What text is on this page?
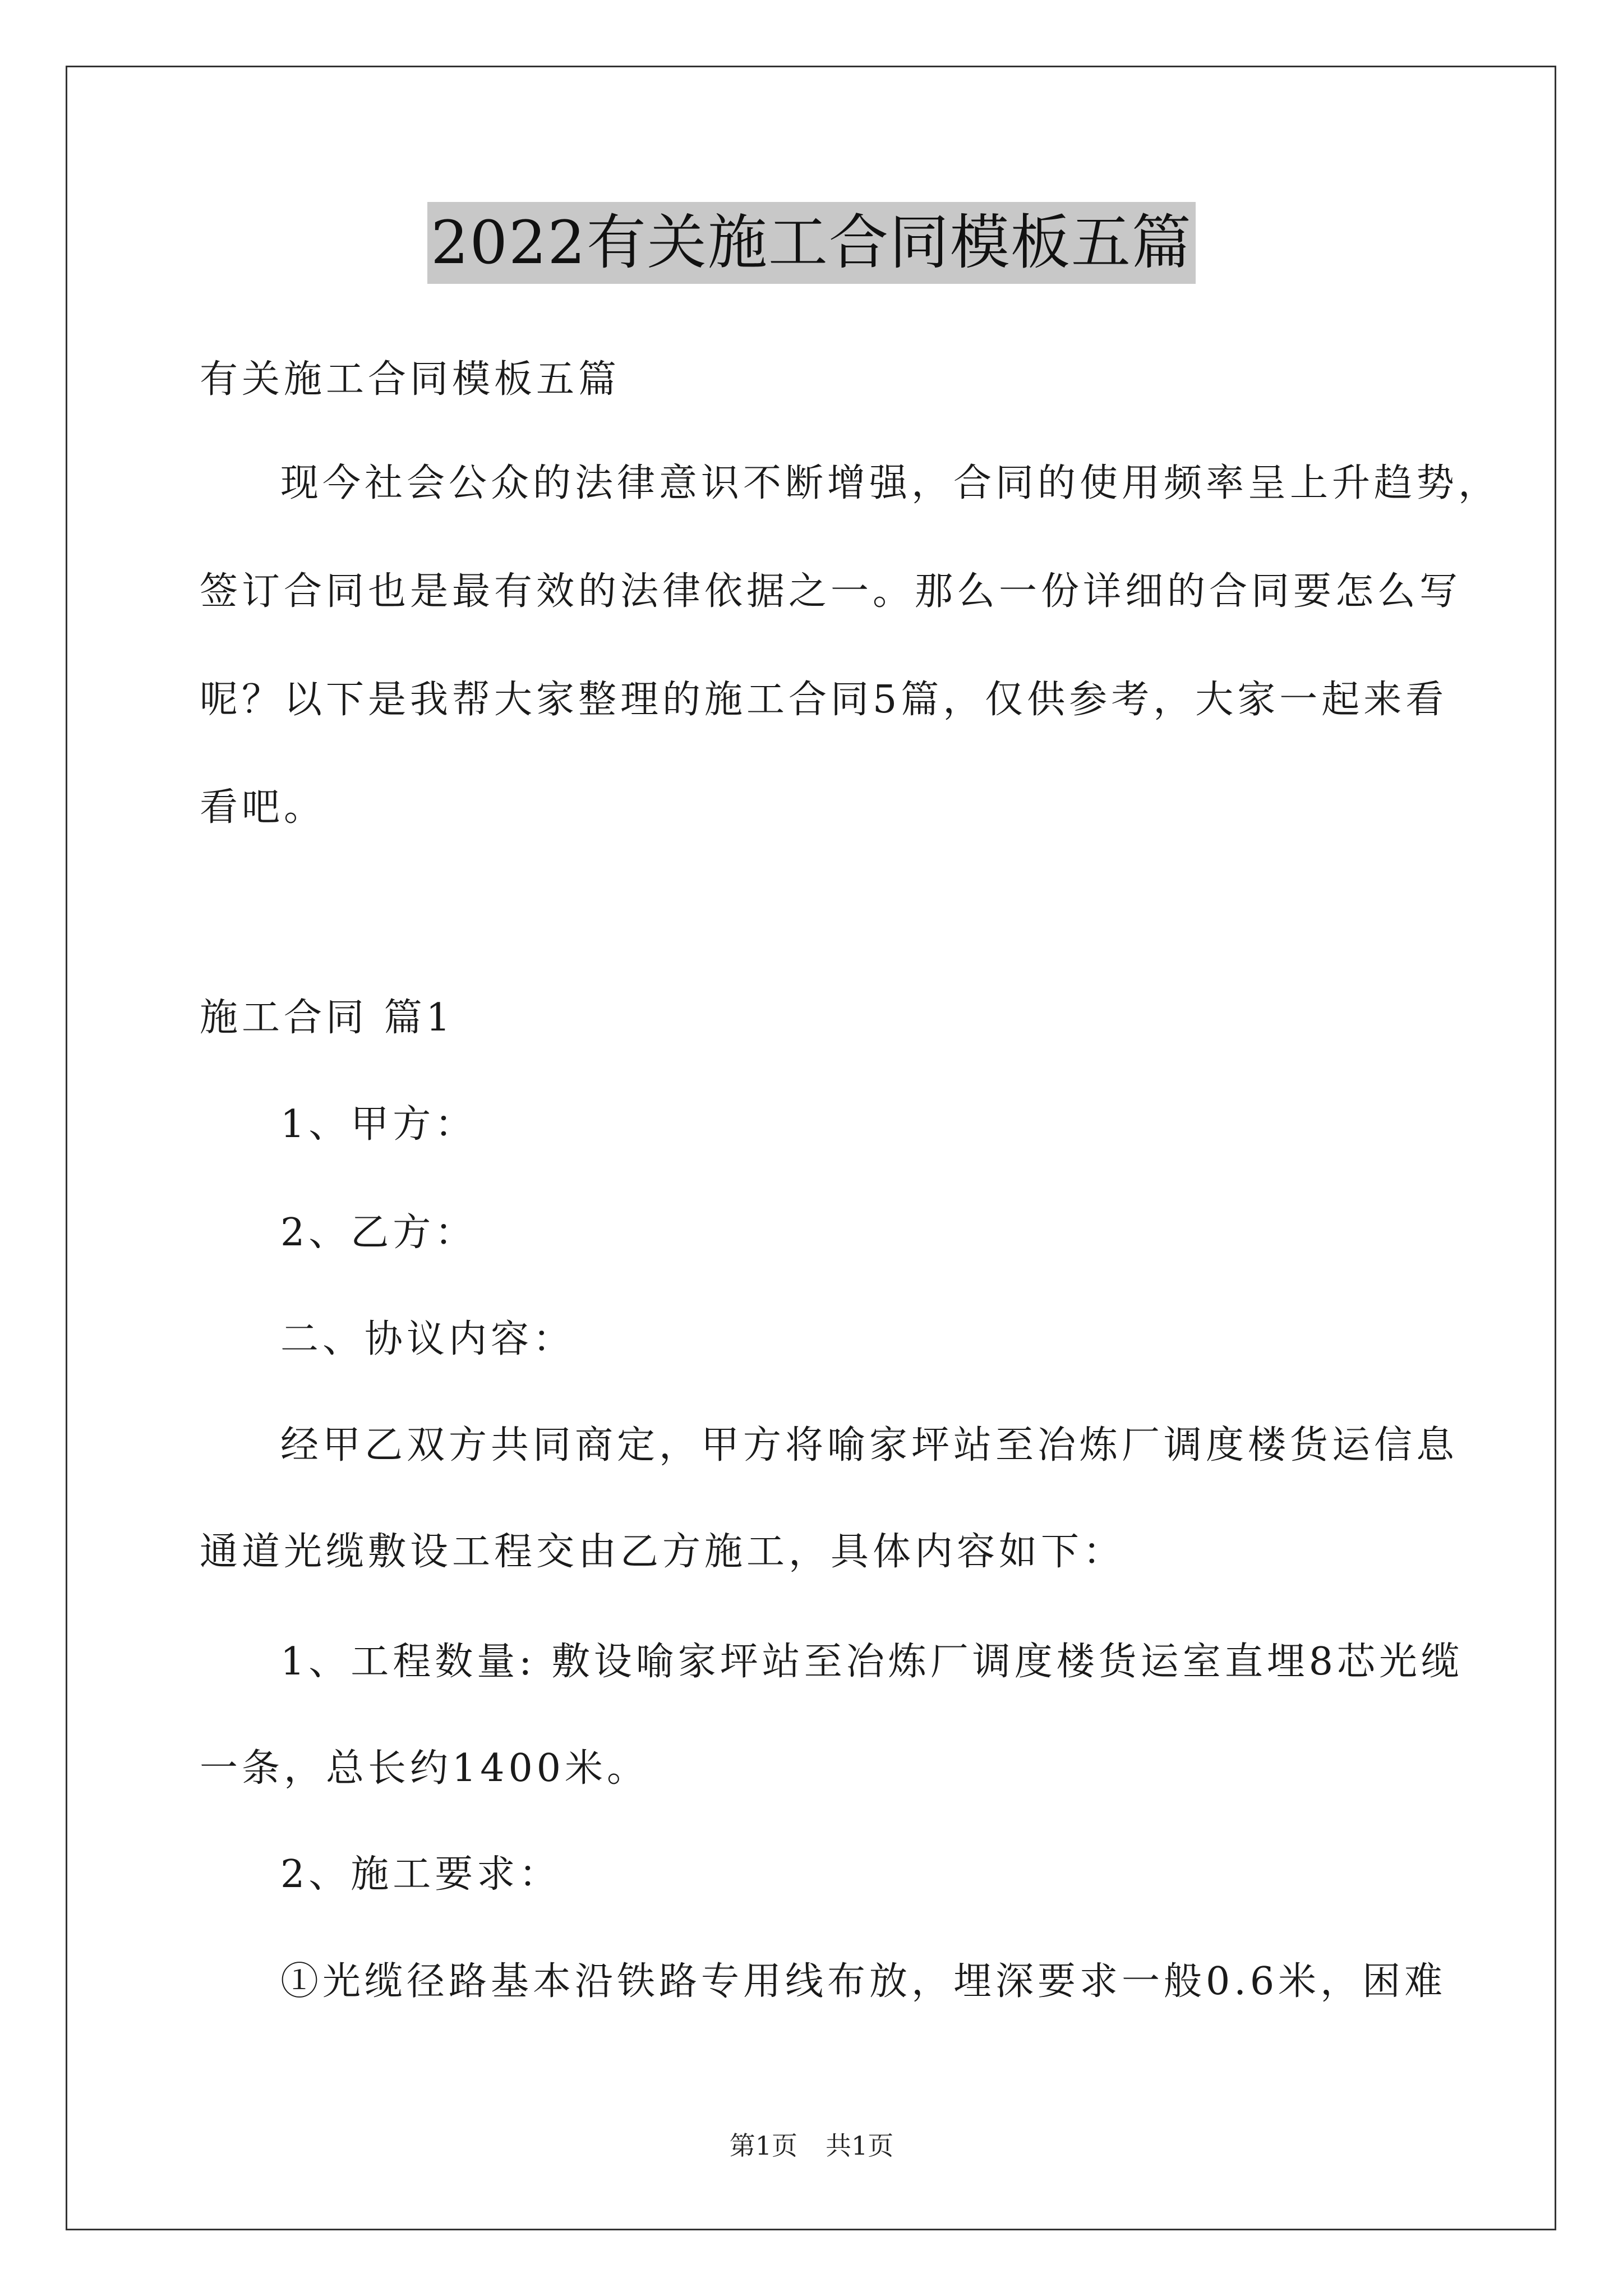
2022有关施工合同模板五篇
有关施工合同模板五篇
现今社会公众的法律意识不断增强，合同的使用频率呈上升趋势，
签订合同也是最有效的法律依据之一。那么一份详细的合同要怎么写
呢？以下是我帮大家整理的施工合同5篇，仅供参考，大家一起来看
看吧。
施工合同 篇1
1、甲方：
2、乙方：
二、协议内容：
经甲乙双方共同商定，甲方将喻家坪站至冶炼厂调度楼货运信息
通道光缆敷设工程交由乙方施工，具体内容如下：
1、工程数量: 敷设喻家坪站至冶炼厂调度楼货运室直埋8芯光缆
一条，总长约1400米。
2、施工要求：
①光缆径路基本沿铁路专用线布放，埋深要求一般0.6米，困难
第1页 共1页
